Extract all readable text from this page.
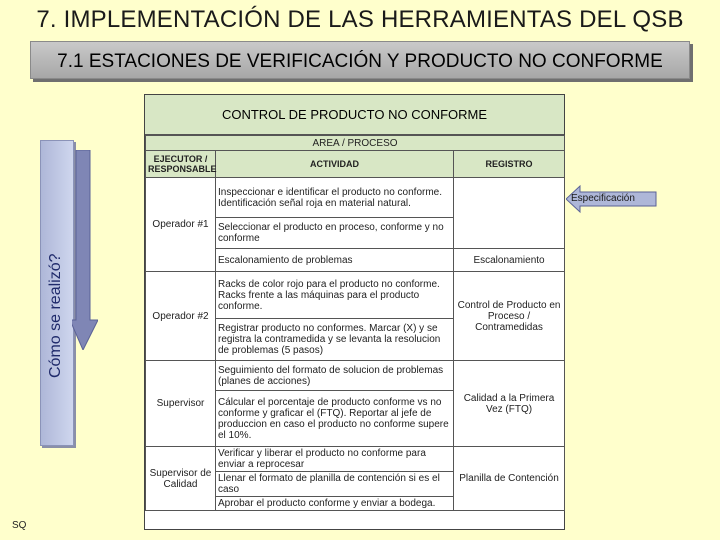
7. IMPLEMENTACIÓN DE LAS HERRAMIENTAS DEL QSB
7.1 ESTACIONES DE VERIFICACIÓN Y PRODUCTO NO CONFORME
Cómo se realizó?
CONTROL DE PRODUCTO NO CONFORME
AREA / PROCESO		
EJECUTOR / RESPONSABLE	ACTIVIDAD	REGISTRO
Operador #1	Inspeccionar e identificar el producto no conforme. Identificación señal roja en material natural.	
	Seleccionar el producto en proceso, conforme y no conforme	
	Escalonamiento de problemas	Escalonamiento
Operador #2	Racks de color rojo para el producto no conforme. Racks frente a las máquinas para el producto conforme.	Control de Producto en Proceso / Contramedidas
	Registrar producto no conformes. Marcar (X) y se registra la contramedida y se levanta la resolucion de problemas (5 pasos)	
Supervisor	Seguimiento del formato de solucion de problemas (planes de acciones)	Calidad a la Primera Vez (FTQ)
	Cálcular el porcentaje de producto conforme vs no conforme y graficar el (FTQ). Reportar al jefe de produccion en caso el producto no conforme supere el 10%.	
Supervisor de Calidad	Verificar y liberar el producto no conforme para enviar a reprocesar	Planilla de Contención
	Llenar el formato de planilla de contención si es el caso	
	Aprobar el producto conforme y enviar a bodega.	
Especificación
SQ
